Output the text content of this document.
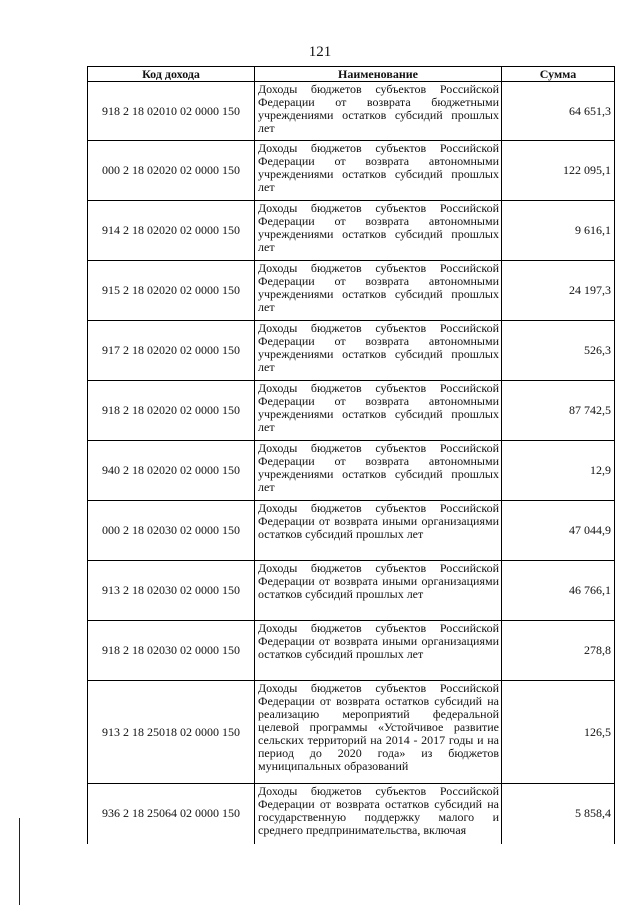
121
Код дохода	Наименование	Сумма
918 2 18 02010 02 0000 150	Доходы бюджетов субъектов Российской Федерации от возврата бюджетными учреждениями остатков субсидий прошлых лет	64 651,3
000 2 18 02020 02 0000 150	Доходы бюджетов субъектов Российской Федерации от возврата автономными учреждениями остатков субсидий прошлых лет	122 095,1
914 2 18 02020 02 0000 150	Доходы бюджетов субъектов Российской Федерации от возврата автономными учреждениями остатков субсидий прошлых лет	9 616,1
915 2 18 02020 02 0000 150	Доходы бюджетов субъектов Российской Федерации от возврата автономными учреждениями остатков субсидий прошлых лет	24 197,3
917 2 18 02020 02 0000 150	Доходы бюджетов субъектов Российской Федерации от возврата автономными учреждениями остатков субсидий прошлых лет	526,3
918 2 18 02020 02 0000 150	Доходы бюджетов субъектов Российской Федерации от возврата автономными учреждениями остатков субсидий прошлых лет	87 742,5
940 2 18 02020 02 0000 150	Доходы бюджетов субъектов Российской Федерации от возврата автономными учреждениями остатков субсидий прошлых лет	12,9
000 2 18 02030 02 0000 150	Доходы бюджетов субъектов Российской Федерации от возврата иными организациями остатков субсидий прошлых лет	47 044,9
913 2 18 02030 02 0000 150	Доходы бюджетов субъектов Российской Федерации от возврата иными организациями остатков субсидий прошлых лет	46 766,1
918 2 18 02030 02 0000 150	Доходы бюджетов субъектов Российской Федерации от возврата иными организациями остатков субсидий прошлых лет	278,8
913 2 18 25018 02 0000 150	Доходы бюджетов субъектов Российской Федерации от возврата остатков субсидий на реализацию мероприятий федеральной целевой программы «Устойчивое развитие сельских территорий на 2014 - 2017 годы и на период до 2020 года» из бюджетов муниципальных образований	126,5
936 2 18 25064 02 0000 150	Доходы бюджетов субъектов Российской Федерации от возврата остатков субсидий на государственную поддержку малого и среднего предпринимательства, включая	5 858,4
